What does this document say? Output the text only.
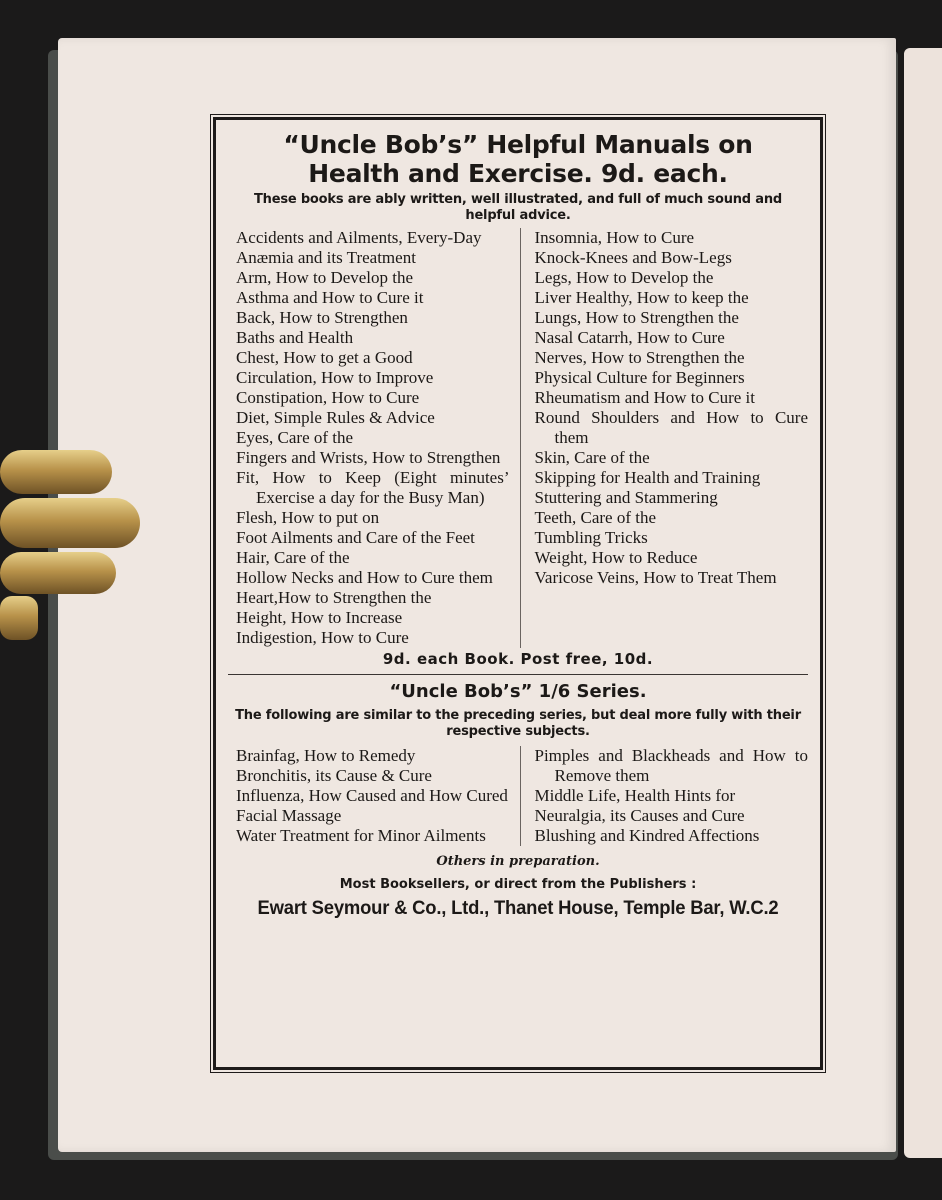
“Uncle Bob’s” Helpful Manuals on
Health and Exercise. 9d. each.
These books are ably written, well illustrated, and full of much sound and helpful advice.
Accidents and Ailments, Every-Day
Anæmia and its Treatment
Arm, How to Develop the
Asthma and How to Cure it
Back, How to Strengthen
Baths and Health
Chest, How to get a Good
Circulation, How to Improve
Constipation, How to Cure
Diet, Simple Rules & Advice
Eyes, Care of the
Fingers and Wrists, How to Strengthen
Fit, How to Keep (Eight minutes’ Exercise a day for the Busy Man)
Flesh, How to put on
Foot Ailments and Care of the Feet
Hair, Care of the
Hollow Necks and How to Cure them
Heart,How to Strengthen the
Height, How to Increase
Indigestion, How to Cure
Insomnia, How to Cure
Knock-Knees and Bow-Legs
Legs, How to Develop the
Liver Healthy, How to keep the
Lungs, How to Strengthen the
Nasal Catarrh, How to Cure
Nerves, How to Strengthen the
Physical Culture for Beginners
Rheumatism and How to Cure it
Round Shoulders and How to Cure them
Skin, Care of the
Skipping for Health and Training
Stuttering and Stammering
Teeth, Care of the
Tumbling Tricks
Weight, How to Reduce
Varicose Veins, How to Treat Them
9d. each Book. Post free, 10d.
“Uncle Bob’s” 1/6 Series.
The following are similar to the preceding series, but deal more fully with their respective subjects.
Brainfag, How to Remedy
Bronchitis, its Cause & Cure
Influenza, How Caused and How Cured
Facial Massage
Water Treatment for Minor Ailments
Pimples and Blackheads and How to Remove them
Middle Life, Health Hints for
Neuralgia, its Causes and Cure
Blushing and Kindred Affections
Others in preparation.
Most Booksellers, or direct from the Publishers :
Ewart Seymour & Co., Ltd., Thanet House, Temple Bar, W.C.2
